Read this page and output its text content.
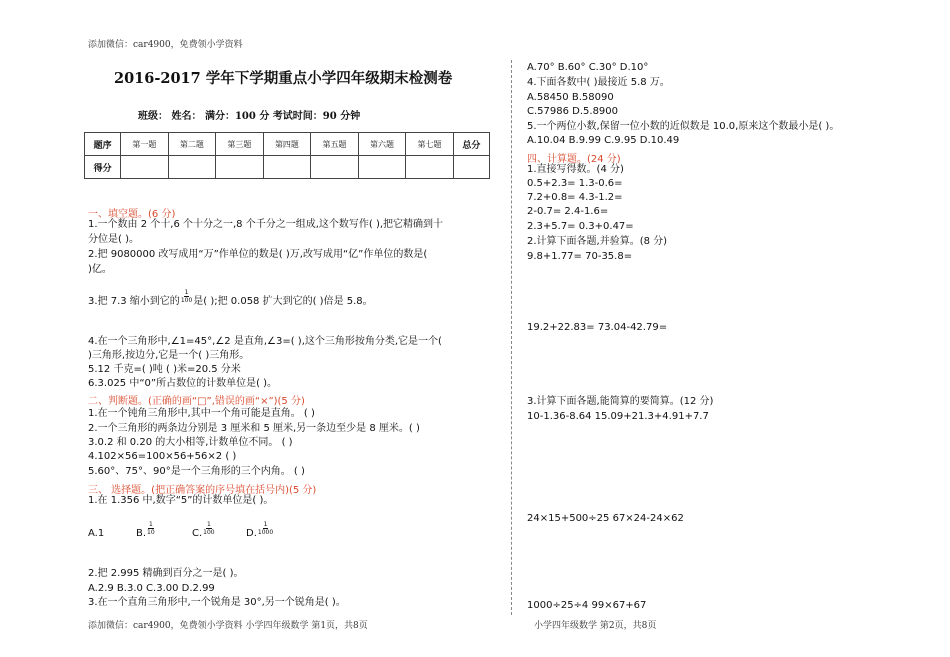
添加微信：car4900，免费领小学资料
2016-2017 学年下学期重点小学四年级期末检测卷
班级： 姓名： 满分：100 分 考试时间：90 分钟
题序	第一题	第二题	第三题	第四题	第五题	第六题	第七题	总分
得分								
一、填空题。(6 分)
1.一个数由 2 个十,6 个十分之一,8 个千分之一组成,这个数写作( ),把它精确到十
分位是( )。
2.把 9080000 改写成用“万”作单位的数是( )万,改写成用“亿”作单位的数是(
)亿。
3.把 7.3 缩小到它的 $\frac{1}{100}$ 是( );把 0.058 扩大到它的( )倍是 5.8。
4.在一个三角形中,∠1=45°,∠2 是直角,∠3=( ),这个三角形按角分类,它是一个(
)三角形,按边分,它是一个( )三角形。
5.12 千克=( )吨 ( )米=20.5 分米
6.3.025 中“0”所占数位的计数单位是( )。
二、判断题。(正确的画“□”,错误的画“×”)(5 分)
1.在一个钝角三角形中,其中一个角可能是直角。 ( )
2.一个三角形的两条边分别是 3 厘米和 5 厘米,另一条边至少是 8 厘米。( )
3.0.2 和 0.20 的大小相等,计数单位不同。 ( )
4.102×56=100×56+56×2 ( )
5.60°、75°、90°是一个三角形的三个内角。 ( )
三、 选择题。(把正确答案的序号填在括号内)(5 分)
1.在 1.356 中,数字“5”的计数单位是( )。
A.1	B. $\frac{1}{10}$	C. $\frac{1}{100}$	D. $\frac{1}{1000}$
2.把 2.995 精确到百分之一是( )。
A.2.9 B.3.0 C.3.00 D.2.99
3.在一个直角三角形中,一个锐角是 30°,另一个锐角是( )。
添加微信：car4900，免费领小学资料 小学四年级数学 第1页，共8页
A.70° B.60° C.30° D.10°
4.下面各数中( )最接近 5.8 万。
A.58450 B.58090
C.57986 D.5.8900
5.一个两位小数,保留一位小数的近似数是 10.0,原来这个数最小是( )。
A.10.04 B.9.99 C.9.95 D.10.49
四、计算题。(24 分)
1.直接写得数。(4 分)
0.5+2.3= 1.3-0.6=
7.2+0.8= 4.3-1.2=
2-0.7= 2.4-1.6=
2.3+5.7= 0.3+0.47=
2.计算下面各题,并验算。(8 分)
9.8+1.77= 70-35.8=
19.2+22.83= 73.04-42.79=
3.计算下面各题,能简算的要简算。(12 分)
10-1.36-8.64 15.09+21.3+4.91+7.7
24×15+500÷25 67×24-24×62
1000÷25÷4 99×67+67
小学四年级数学 第2页，共8页
